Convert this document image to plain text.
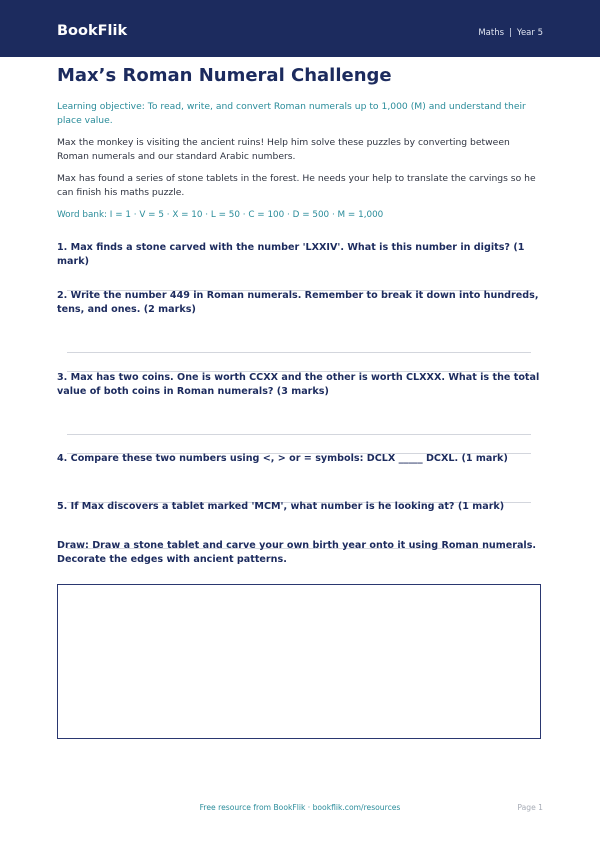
BookFlik	Maths | Year 5
Max’s Roman Numeral Challenge
Learning objective: To read, write, and convert Roman numerals up to 1,000 (M) and understand their place value.
Max the monkey is visiting the ancient ruins! Help him solve these puzzles by converting between Roman numerals and our standard Arabic numbers.
Max has found a series of stone tablets in the forest. He needs your help to translate the carvings so he can finish his maths puzzle.
Word bank: I = 1 · V = 5 · X = 10 · L = 50 · C = 100 · D = 500 · M = 1,000
1. Max finds a stone carved with the number 'LXXIV'. What is this number in digits? (1 mark)
2. Write the number 449 in Roman numerals. Remember to break it down into hundreds, tens, and ones. (2 marks)
3. Max has two coins. One is worth CCXX and the other is worth CLXXX. What is the total value of both coins in Roman numerals? (3 marks)
4. Compare these two numbers using <, > or = symbols: DCLX _____ DCXL. (1 mark)
5. If Max discovers a tablet marked 'MCM', what number is he looking at? (1 mark)
Draw: Draw a stone tablet and carve your own birth year onto it using Roman numerals. Decorate the edges with ancient patterns.
Free resource from BookFlik · bookflik.com/resources	Page 1
